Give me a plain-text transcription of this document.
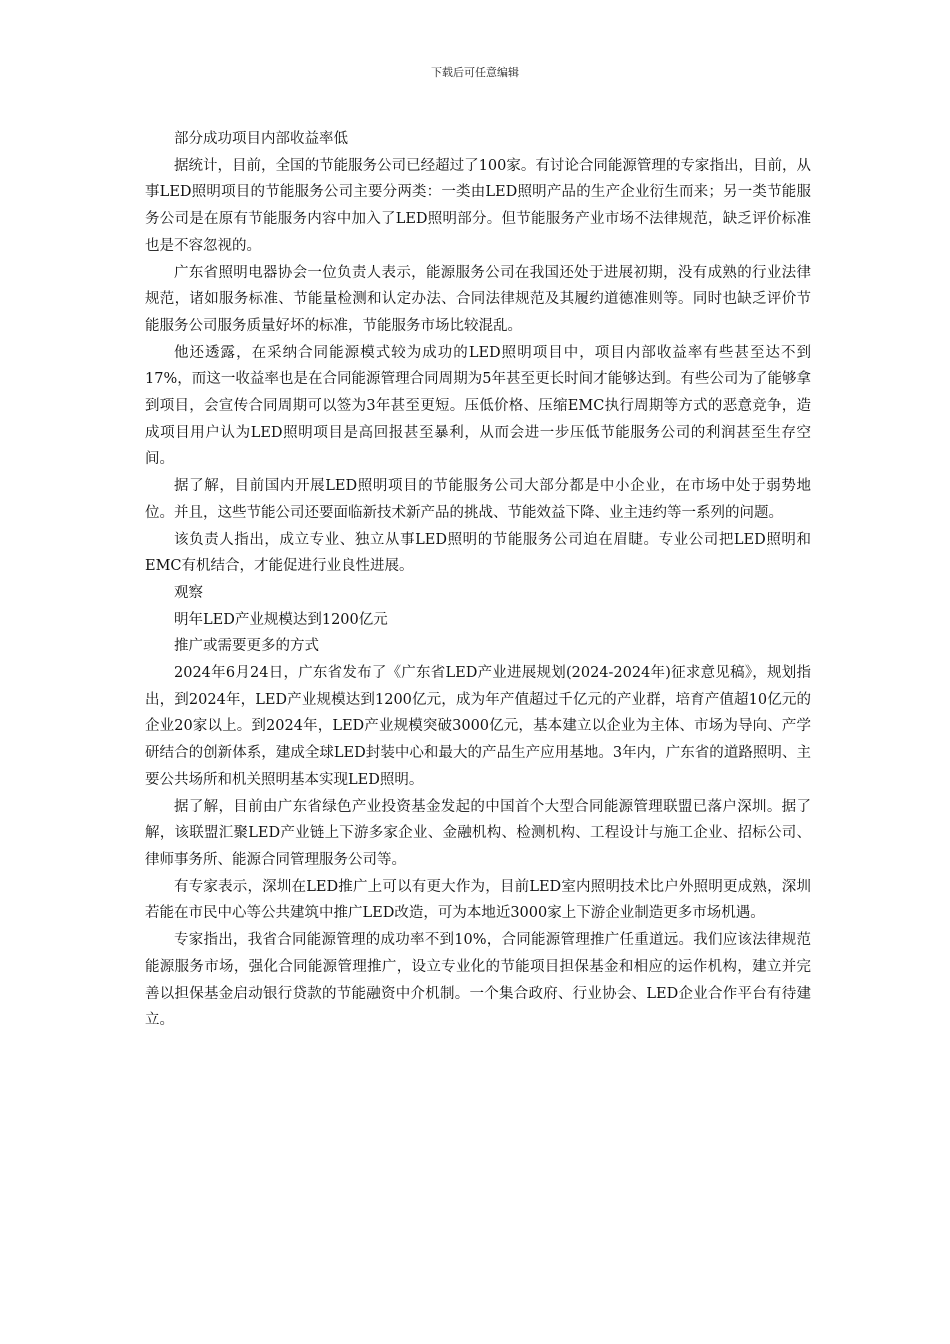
下载后可任意编辑

部分成功项目内部收益率低

据统计，目前，全国的节能服务公司已经超过了100家。有讨论合同能源管理的专家指出，目前，从事LED照明项目的节能服务公司主要分两类：一类由LED照明产品的生产企业衍生而来；另一类节能服务公司是在原有节能服务内容中加入了LED照明部分。但节能服务产业市场不法律规范，缺乏评价标准也是不容忽视的。

广东省照明电器协会一位负责人表示，能源服务公司在我国还处于进展初期，没有成熟的行业法律规范，诸如服务标准、节能量检测和认定办法、合同法律规范及其履约道德准则等。同时也缺乏评价节能服务公司服务质量好坏的标准，节能服务市场比较混乱。

他还透露，在采纳合同能源模式较为成功的LED照明项目中，项目内部收益率有些甚至达不到17%，而这一收益率也是在合同能源管理合同周期为5年甚至更长时间才能够达到。有些公司为了能够拿到项目，会宣传合同周期可以签为3年甚至更短。压低价格、压缩EMC执行周期等方式的恶意竞争，造成项目用户认为LED照明项目是高回报甚至暴利，从而会进一步压低节能服务公司的利润甚至生存空间。

据了解，目前国内开展LED照明项目的节能服务公司大部分都是中小企业，在市场中处于弱势地位。并且，这些节能公司还要面临新技术新产品的挑战、节能效益下降、业主违约等一系列的问题。

该负责人指出，成立专业、独立从事LED照明的节能服务公司迫在眉睫。专业公司把LED照明和EMC有机结合，才能促进行业良性进展。

观察

明年LED产业规模达到1200亿元

推广或需要更多的方式

2024年6月24日，广东省发布了《广东省LED产业进展规划(2024-2024年)征求意见稿》，规划指出，到2024年，LED产业规模达到1200亿元，成为年产值超过千亿元的产业群，培育产值超10亿元的企业20家以上。到2024年，LED产业规模突破3000亿元，基本建立以企业为主体、市场为导向、产学研结合的创新体系，建成全球LED封装中心和最大的产品生产应用基地。3年内，广东省的道路照明、主要公共场所和机关照明基本实现LED照明。

据了解，目前由广东省绿色产业投资基金发起的中国首个大型合同能源管理联盟已落户深圳。据了解，该联盟汇聚LED产业链上下游多家企业、金融机构、检测机构、工程设计与施工企业、招标公司、律师事务所、能源合同管理服务公司等。

有专家表示，深圳在LED推广上可以有更大作为，目前LED室内照明技术比户外照明更成熟，深圳若能在市民中心等公共建筑中推广LED改造，可为本地近3000家上下游企业制造更多市场机遇。

专家指出，我省合同能源管理的成功率不到10%，合同能源管理推广任重道远。我们应该法律规范能源服务市场，强化合同能源管理推广，设立专业化的节能项目担保基金和相应的运作机构，建立并完善以担保基金启动银行贷款的节能融资中介机制。一个集合政府、行业协会、LED企业合作平台有待建立。
